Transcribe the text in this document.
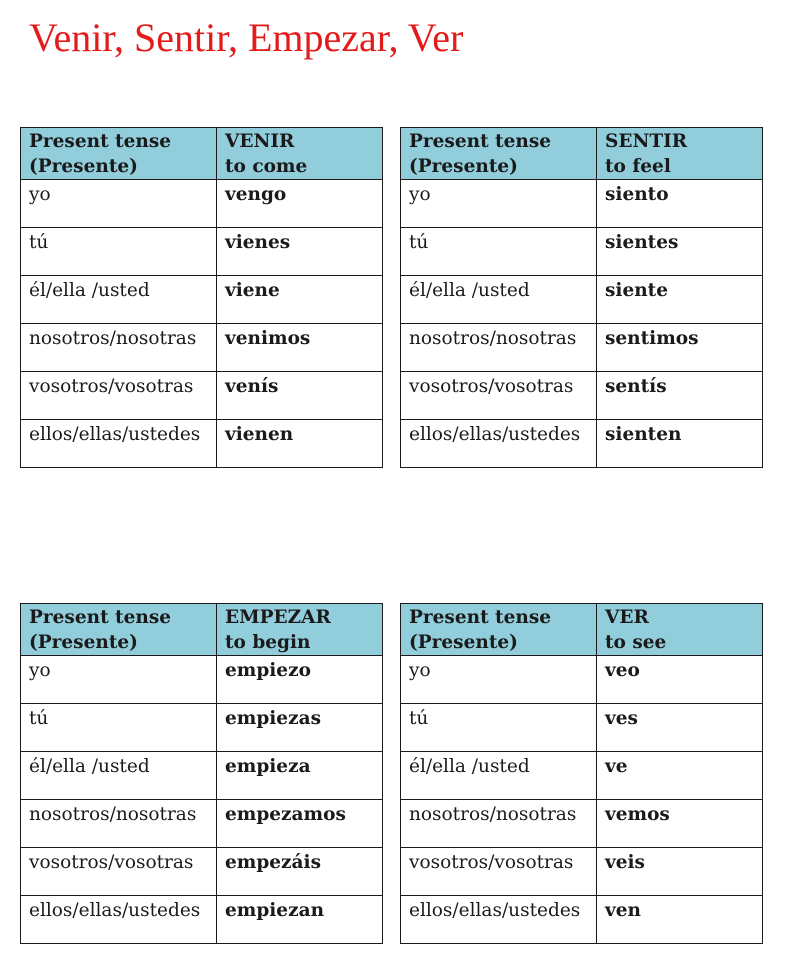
Venir, Sentir, Empezar, Ver
Present tense
(Presente)	VENIR
to come

yo	vengo
tú	vienes
él/ella /usted	viene
nosotros/nosotras	venimos
vosotros/vosotras	venís
ellos/ellas/ustedes	vienen
Present tense
(Presente)	SENTIR
to feel

yo	siento
tú	sientes
él/ella /usted	siente
nosotros/nosotras	sentimos
vosotros/vosotras	sentís
ellos/ellas/ustedes	sienten
Present tense
(Presente)	EMPEZAR
to begin

yo	empiezo
tú	empiezas
él/ella /usted	empieza
nosotros/nosotras	empezamos
vosotros/vosotras	empezáis
ellos/ellas/ustedes	empiezan
Present tense
(Presente)	VER
to see

yo	veo
tú	ves
él/ella /usted	ve
nosotros/nosotras	vemos
vosotros/vosotras	veis
ellos/ellas/ustedes	ven
